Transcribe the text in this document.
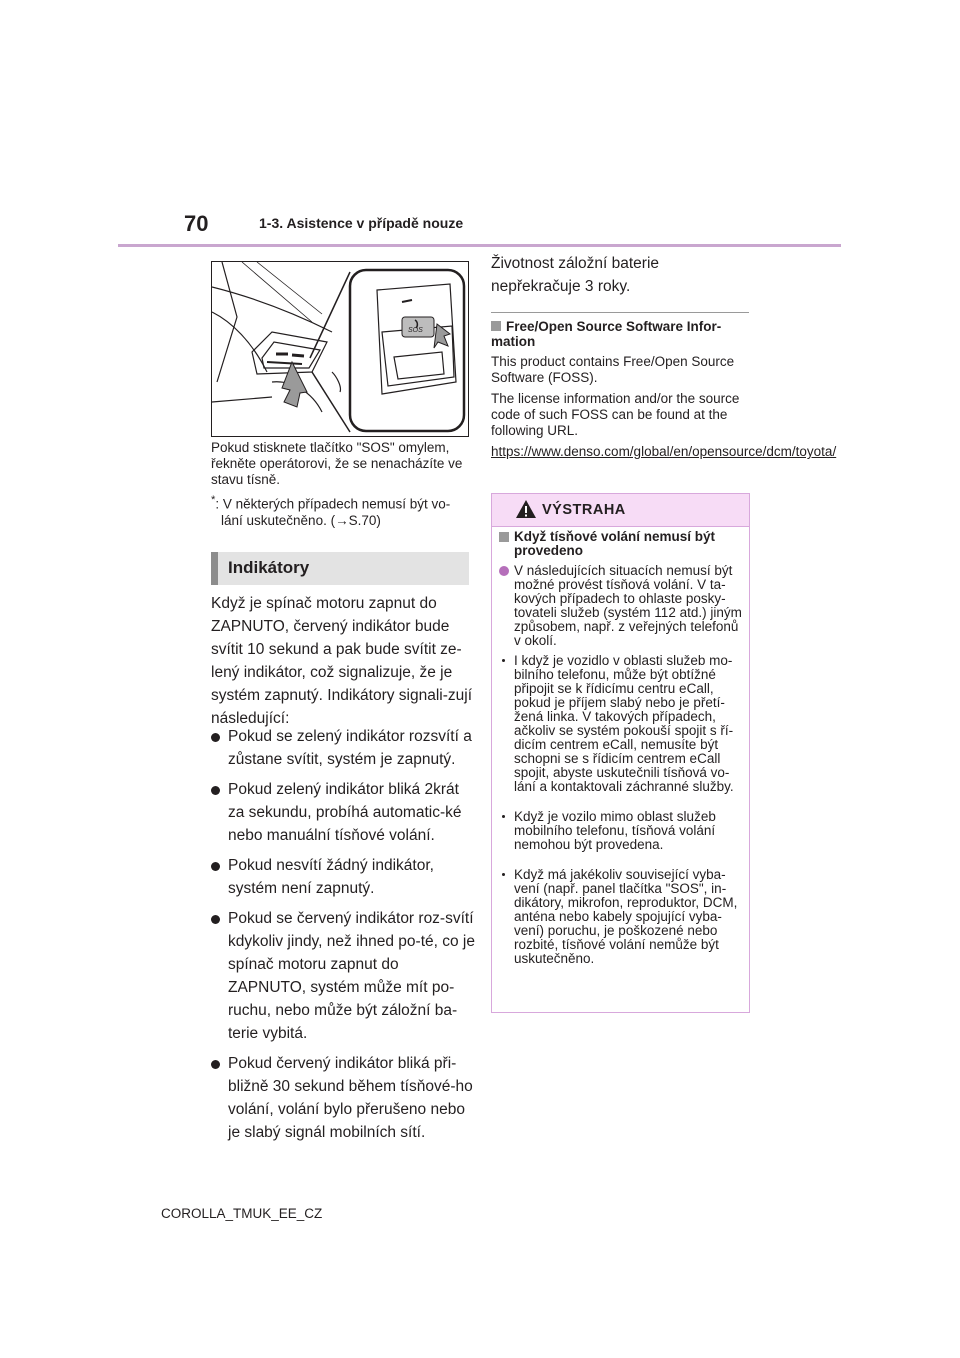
70	1-3. Asistence v případě nouze
SOS
Pokud stisknete tlačítko "SOS" omylem, řekněte operátorovi, že se nenacházíte ve stavu tísně.
*: V některých případech nemusí být vo-
lání uskutečněno. (→S.70)
Indikátory
Když je spínač motoru zapnut do ZAPNUTO, červený indikátor bude svítit 10 sekund a pak bude svítit ze-lený indikátor, což signalizuje, že je systém zapnutý. Indikátory signali-zují následující:
Pokud se zelený indikátor rozsvítí a zůstane svítit, systém je zapnutý.
Pokud zelený indikátor bliká 2krát za sekundu, probíhá automatic-ké nebo manuální tísňové volání.
Pokud nesvítí žádný indikátor, systém není zapnutý.
Pokud se červený indikátor roz-svítí kdykoliv jindy, než ihned po-té, co je spínač motoru zapnut do ZAPNUTO, systém může mít po-ruchu, nebo může být záložní ba-terie vybitá.
Pokud červený indikátor bliká při-bližně 30 sekund během tísňové-ho volání, volání bylo přerušeno nebo je slabý signál mobilních sítí.
Životnost záložní baterie nepřekračuje 3 roky.
Free/Open Source Software Infor-mation
This product contains Free/Open Source Software (FOSS).
The license information and/or the source code of such FOSS can be found at the following URL.
https://www.denso.com/global/en/opensource/dcm/toyota/
VÝSTRAHA
Když tísňové volání nemusí být provedeno
V následujících situacích nemusí být možné provést tísňová volání. V ta-kových případech to ohlaste posky-tovateli služeb (systém 112 atd.) jiným způsobem, např. z veřejných telefonů v okolí.
I když je vozidlo v oblasti služeb mo-bilního telefonu, může být obtížné připojit se k řídicímu centru eCall, pokud je příjem slabý nebo je přetí-žená linka. V takových případech, ačkoliv se systém pokouší spojit s ří-dicím centrem eCall, nemusíte být schopni se s řídicím centrem eCall spojit, abyste uskutečnili tísňová vo-lání a kontaktovali záchranné služby.
Když je vozilo mimo oblast služeb mobilního telefonu, tísňová volání nemohou být provedena.
Když má jakékoliv související vyba-vení (např. panel tlačítka "SOS", in-dikátory, mikrofon, reproduktor, DCM, anténa nebo kabely spojující vyba-vení) poruchu, je poškozené nebo rozbité, tísňové volání nemůže být uskutečněno.
COROLLA_TMUK_EE_CZ
